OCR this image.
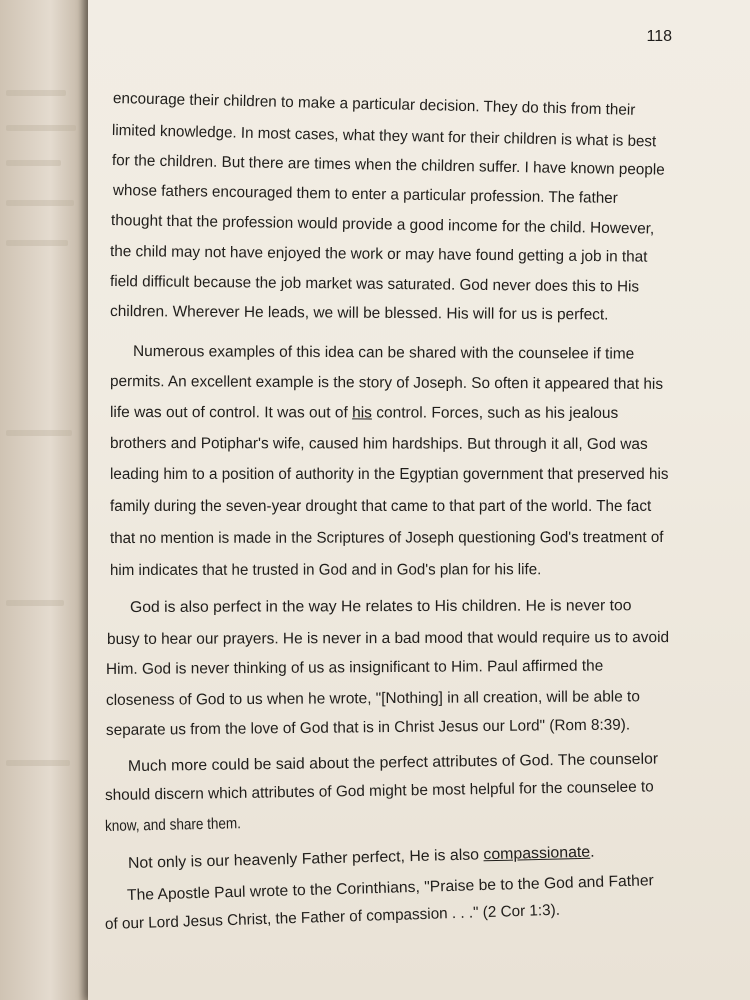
118
encourage their children to make a particular decision. They do this from their
limited knowledge. In most cases, what they want for their children is what is best
for the children. But there are times when the children suffer. I have known people
whose fathers encouraged them to enter a particular profession. The father
thought that the profession would provide a good income for the child. However,
the child may not have enjoyed the work or may have found getting a job in that
field difficult because the job market was saturated. God never does this to His
children. Wherever He leads, we will be blessed. His will for us is perfect.
Numerous examples of this idea can be shared with the counselee if time
permits. An excellent example is the story of Joseph. So often it appeared that his
life was out of control. It was out of his control. Forces, such as his jealous
brothers and Potiphar's wife, caused him hardships. But through it all, God was
leading him to a position of authority in the Egyptian government that preserved his
family during the seven-year drought that came to that part of the world. The fact
that no mention is made in the Scriptures of Joseph questioning God's treatment of
him indicates that he trusted in God and in God's plan for his life.
God is also perfect in the way He relates to His children. He is never too
busy to hear our prayers. He is never in a bad mood that would require us to avoid
Him. God is never thinking of us as insignificant to Him. Paul affirmed the
closeness of God to us when he wrote, "[Nothing] in all creation, will be able to
separate us from the love of God that is in Christ Jesus our Lord" (Rom 8:39).
Much more could be said about the perfect attributes of God. The counselor
should discern which attributes of God might be most helpful for the counselee to
know, and share them.
Not only is our heavenly Father perfect, He is also compassionate.
The Apostle Paul wrote to the Corinthians, "Praise be to the God and Father
of our Lord Jesus Christ, the Father of compassion . . ." (2 Cor 1:3).
